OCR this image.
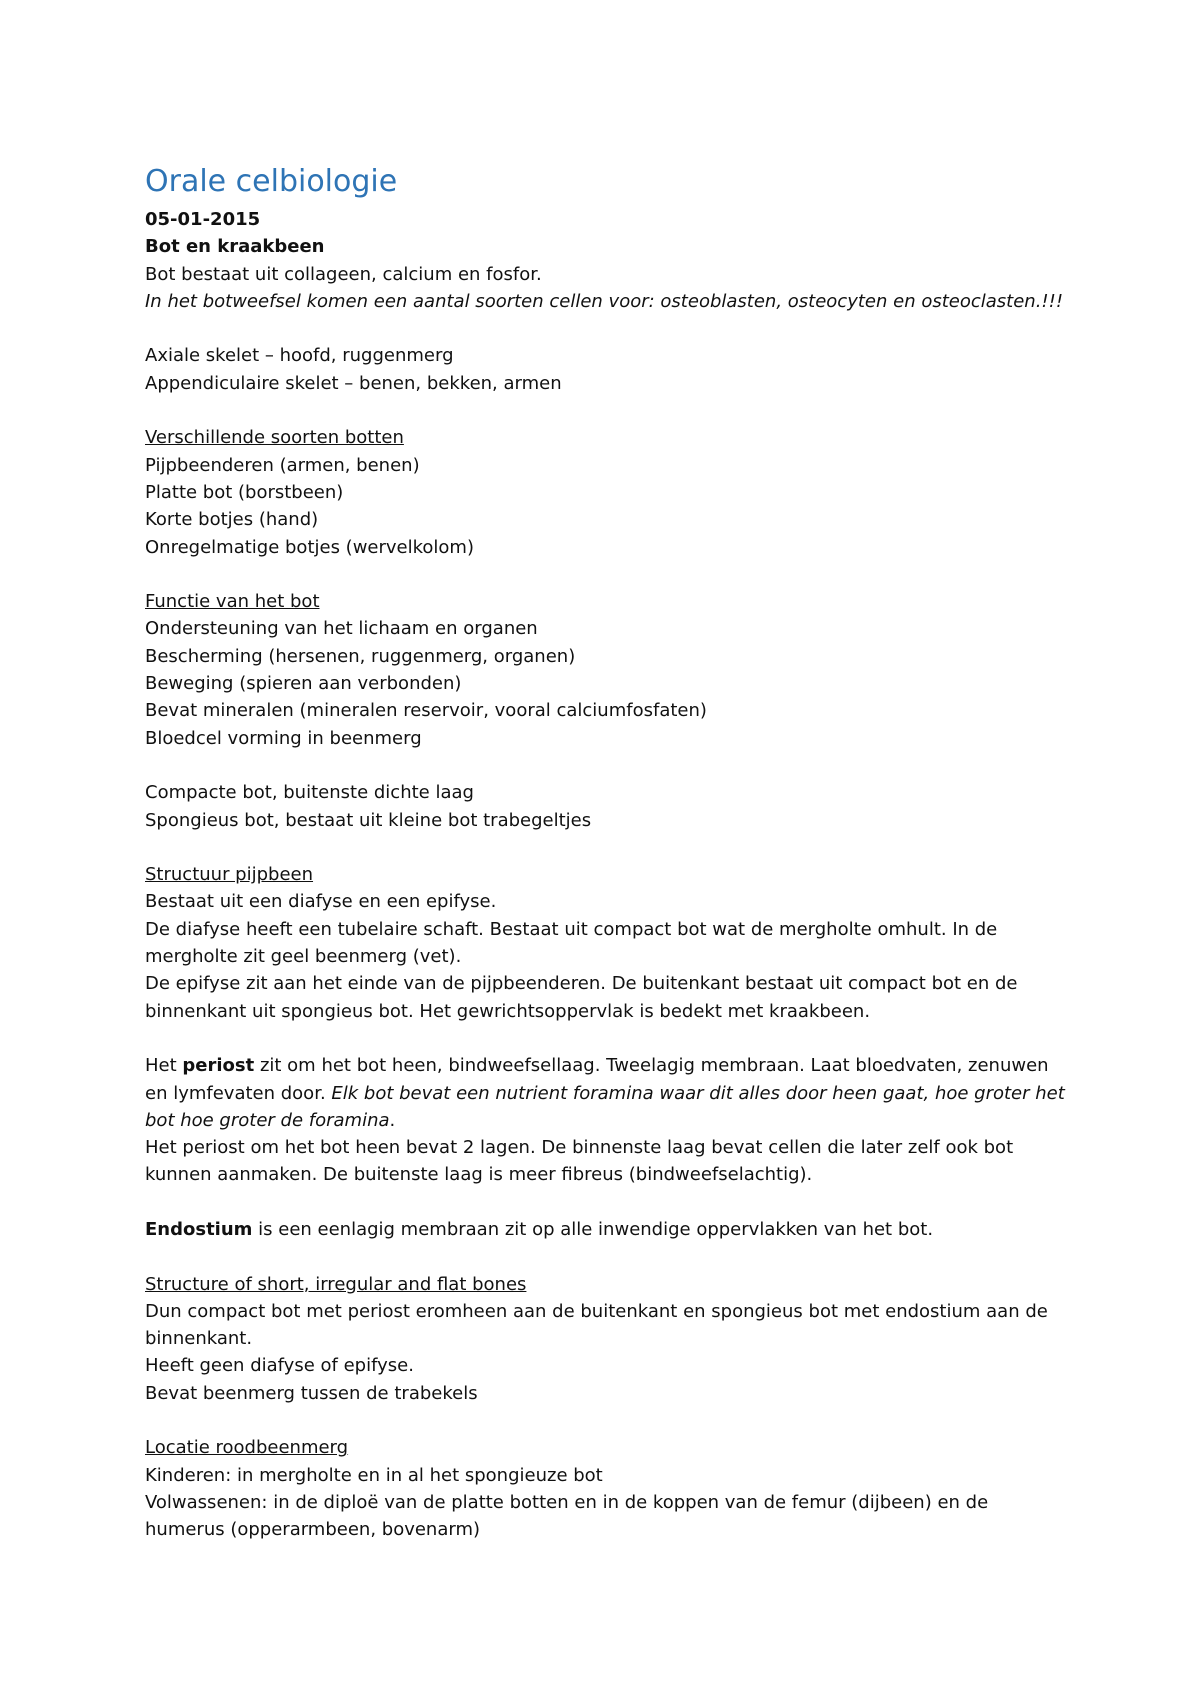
Orale celbiologie

05-01-2015

Bot en kraakbeen

Bot bestaat uit collageen, calcium en fosfor.

In het botweefsel komen een aantal soorten cellen voor: osteoblasten, osteocyten en osteoclasten.!!!

Axiale skelet – hoofd, ruggenmerg

Appendiculaire skelet – benen, bekken, armen

Verschillende soorten botten

Pijpbeenderen (armen, benen)

Platte bot (borstbeen)

Korte botjes (hand)

Onregelmatige botjes (wervelkolom)

Functie van het bot

Ondersteuning van het lichaam en organen

Bescherming (hersenen, ruggenmerg, organen)

Beweging (spieren aan verbonden)

Bevat mineralen (mineralen reservoir, vooral calciumfosfaten)

Bloedcel vorming in beenmerg

Compacte bot, buitenste dichte laag

Spongieus bot, bestaat uit kleine bot trabegeltjes

Structuur pijpbeen

Bestaat uit een diafyse en een epifyse.

De diafyse heeft een tubelaire schaft. Bestaat uit compact bot wat de mergholte omhult. In de mergholte zit geel beenmerg (vet).

De epifyse zit aan het einde van de pijpbeenderen. De buitenkant bestaat uit compact bot en de binnenkant uit spongieus bot. Het gewrichtsoppervlak is bedekt met kraakbeen.

Het periost zit om het bot heen, bindweefsellaag. Tweelagig membraan. Laat bloedvaten, zenuwen en lymfevaten door. Elk bot bevat een nutrient foramina waar dit alles door heen gaat, hoe groter het bot hoe groter de foramina.

Het periost om het bot heen bevat 2 lagen. De binnenste laag bevat cellen die later zelf ook bot kunnen aanmaken. De buitenste laag is meer fibreus (bindweefselachtig).

Endostium is een eenlagig membraan zit op alle inwendige oppervlakken van het bot.

Structure of short, irregular and flat bones

Dun compact bot met periost eromheen aan de buitenkant en spongieus bot met endostium aan de binnenkant.

Heeft geen diafyse of epifyse.

Bevat beenmerg tussen de trabekels

Locatie roodbeenmerg

Kinderen: in mergholte en in al het spongieuze bot

Volwassenen: in de diploë van de platte botten en in de koppen van de femur (dijbeen) en de humerus (opperarmbeen, bovenarm)
